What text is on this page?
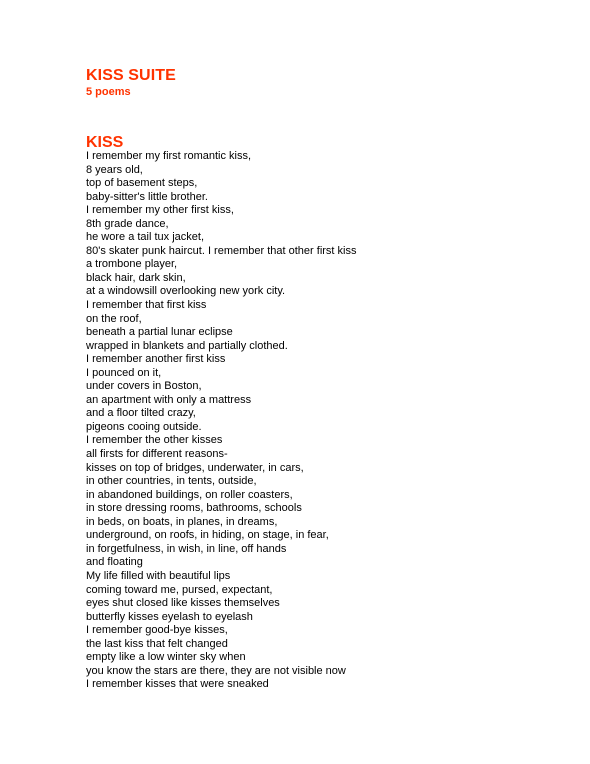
KISS SUITE
5 poems
KISS
I remember my first romantic kiss,
8 years old,
top of basement steps,
baby-sitter's little brother.
I remember my other first kiss,
8th grade dance,
he wore a tail tux jacket,
80's skater punk haircut. I remember that other first kiss
a trombone player,
black hair, dark skin,
at a windowsill overlooking new york city.
I remember that first kiss
on the roof,
beneath a partial lunar eclipse
wrapped in blankets and partially clothed.
I remember another first kiss
I pounced on it,
under covers in Boston,
an apartment with only a mattress
and a floor tilted crazy,
pigeons cooing outside.
I remember the other kisses
all firsts for different reasons-
kisses on top of bridges, underwater, in cars,
in other countries, in tents, outside,
in abandoned buildings, on roller coasters,
in store dressing rooms, bathrooms, schools
in beds, on boats, in planes, in dreams,
underground, on roofs, in hiding, on stage, in fear,
in forgetfulness, in wish, in line, off hands
and floating
My life filled with beautiful lips
coming toward me, pursed, expectant,
eyes shut closed like kisses themselves
butterfly kisses eyelash to eyelash
I remember good-bye kisses,
the last kiss that felt changed
empty like a low winter sky when
you know the stars are there, they are not visible now
I remember kisses that were sneaked
